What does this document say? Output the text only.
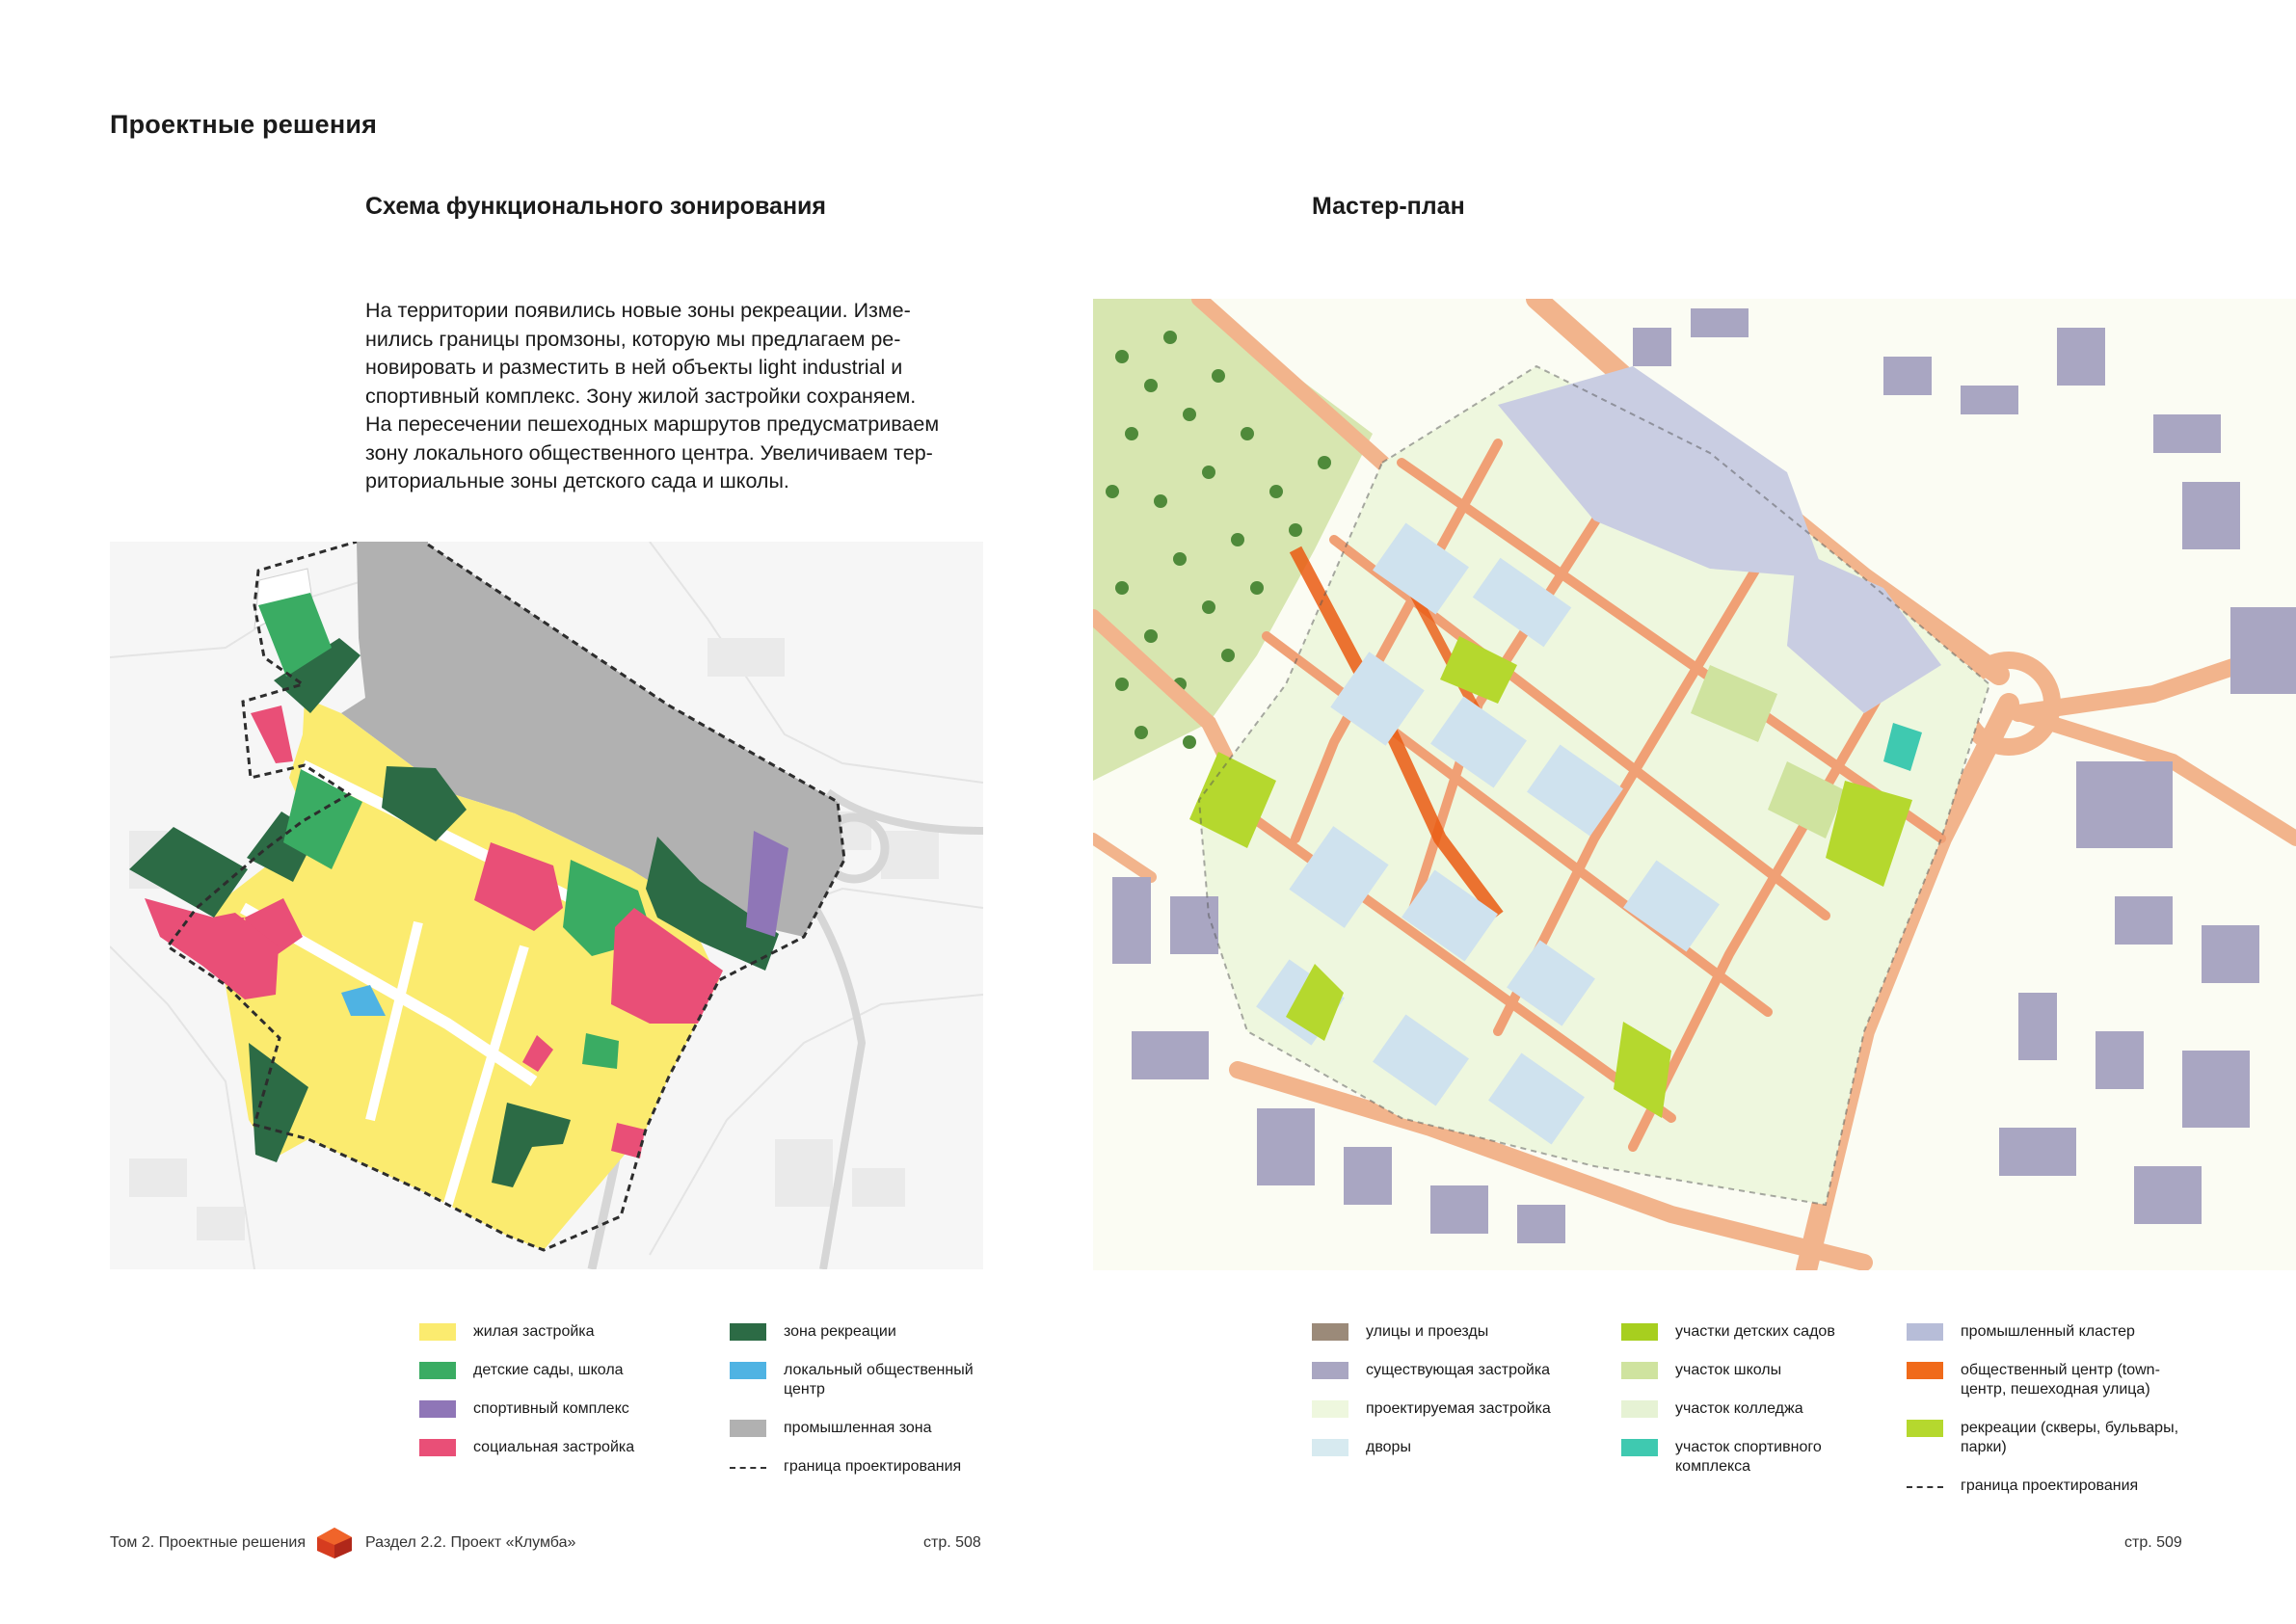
Проектные решения
Схема функционального зонирования	Мастер-план
На территории появились новые зоны рекреации. Изме-
нились границы промзоны, которую мы предлагаем ре-
новировать и разместить в ней объекты light industrial и
спортивный комплекс. Зону жилой застройки сохраняем.
На пересечении пешеходных маршрутов предусматриваем
зону локального общественного центра. Увеличиваем тер-
риториальные зоны детского сада и школы.
жилая застройка
детские сады, школа
спортивный комплекс
социальная застройка
зона рекреации
локальный общественный
центр
промышленная зона
граница проектирования
улицы и проезды
существующая застройка
проектируемая застройка
дворы
участки детских садов
участок школы
участок колледжа
участок спортивного
комплекса
промышленный кластер
общественный центр (town-
центр, пешеходная улица)
рекреации (скверы, бульвары,
парки)
граница проектирования
Том 2. Проектные решения	Раздел 2.2. Проект «Клумба»	стр. 508	стр. 509
